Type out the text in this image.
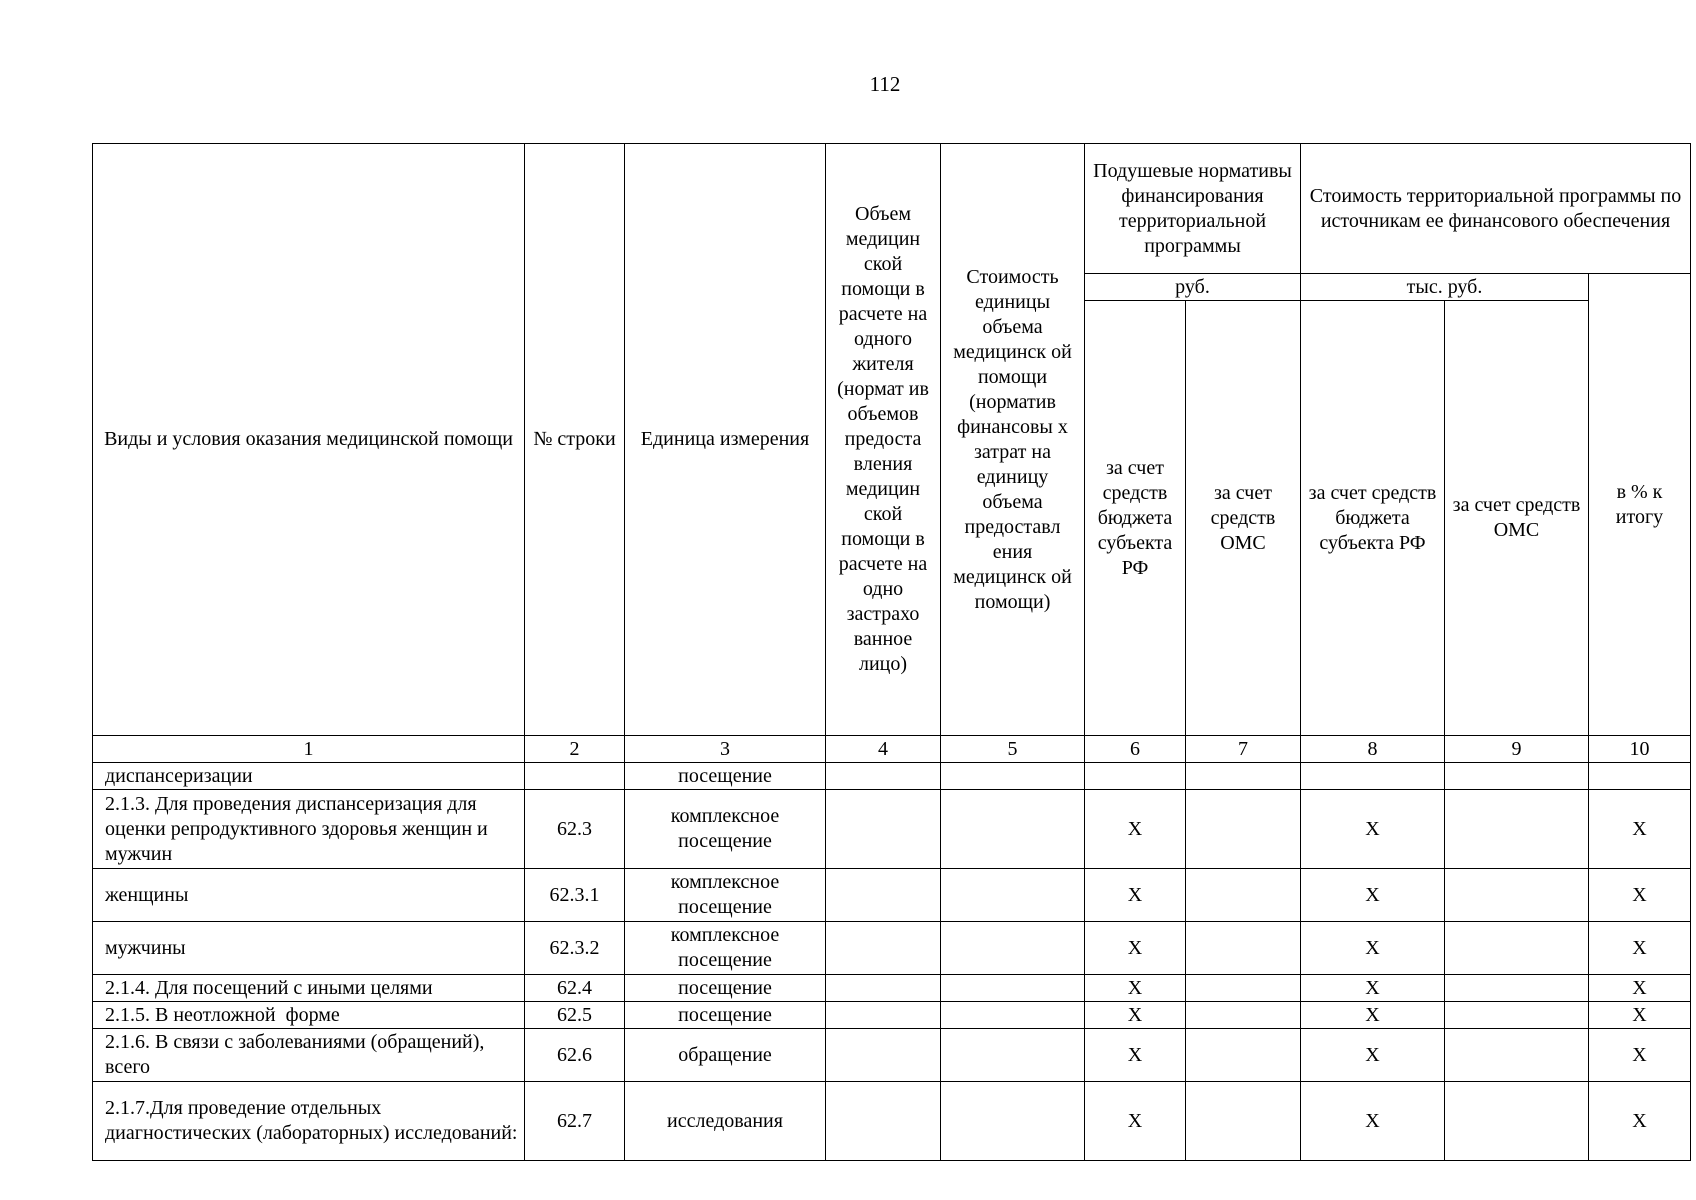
112
Виды и условия оказания медицинской помощи	№ строки	Единица измерения	Объем медицин ской помощи в расчете на одного жителя (нормат ив объемов предоста вления медицин ской помощи в расчете на одно застрахо ванное лицо)	Стоимость единицы объема медицинск ой помощи (норматив финансовы х затрат на единицу объема предоставл ения медицинск ой помощи)	Подушевые нормативы финансирования территориальной программы		Стоимость территориальной программы по источникам ее финансового обеспечения		
					руб.		тыс. руб.		в % к итогу
					за счет средств бюджета субъекта РФ	за счет средств ОМС	за счет средств бюджета субъекта РФ	за счет средств ОМС	
1	2	3	4	5	6	7	8	9	10
диспансеризации		посещение							
2.1.3. Для проведения диспансеризация для оценки репродуктивного здоровья женщин и мужчин	62.3	комплексное посещение			X		X		X
женщины	62.3.1	комплексное посещение			X		X		X
мужчины	62.3.2	комплексное посещение			X		X		X
2.1.4. Для посещений с иными целями	62.4	посещение			X		X		X
2.1.5. В неотложной  форме	62.5	посещение			X		X		X
2.1.6. В связи с заболеваниями (обращений), всего	62.6	обращение			X		X		X
2.1.7.Для проведение отдельных диагностических (лабораторных) исследований:	62.7	исследования			X		X		X
